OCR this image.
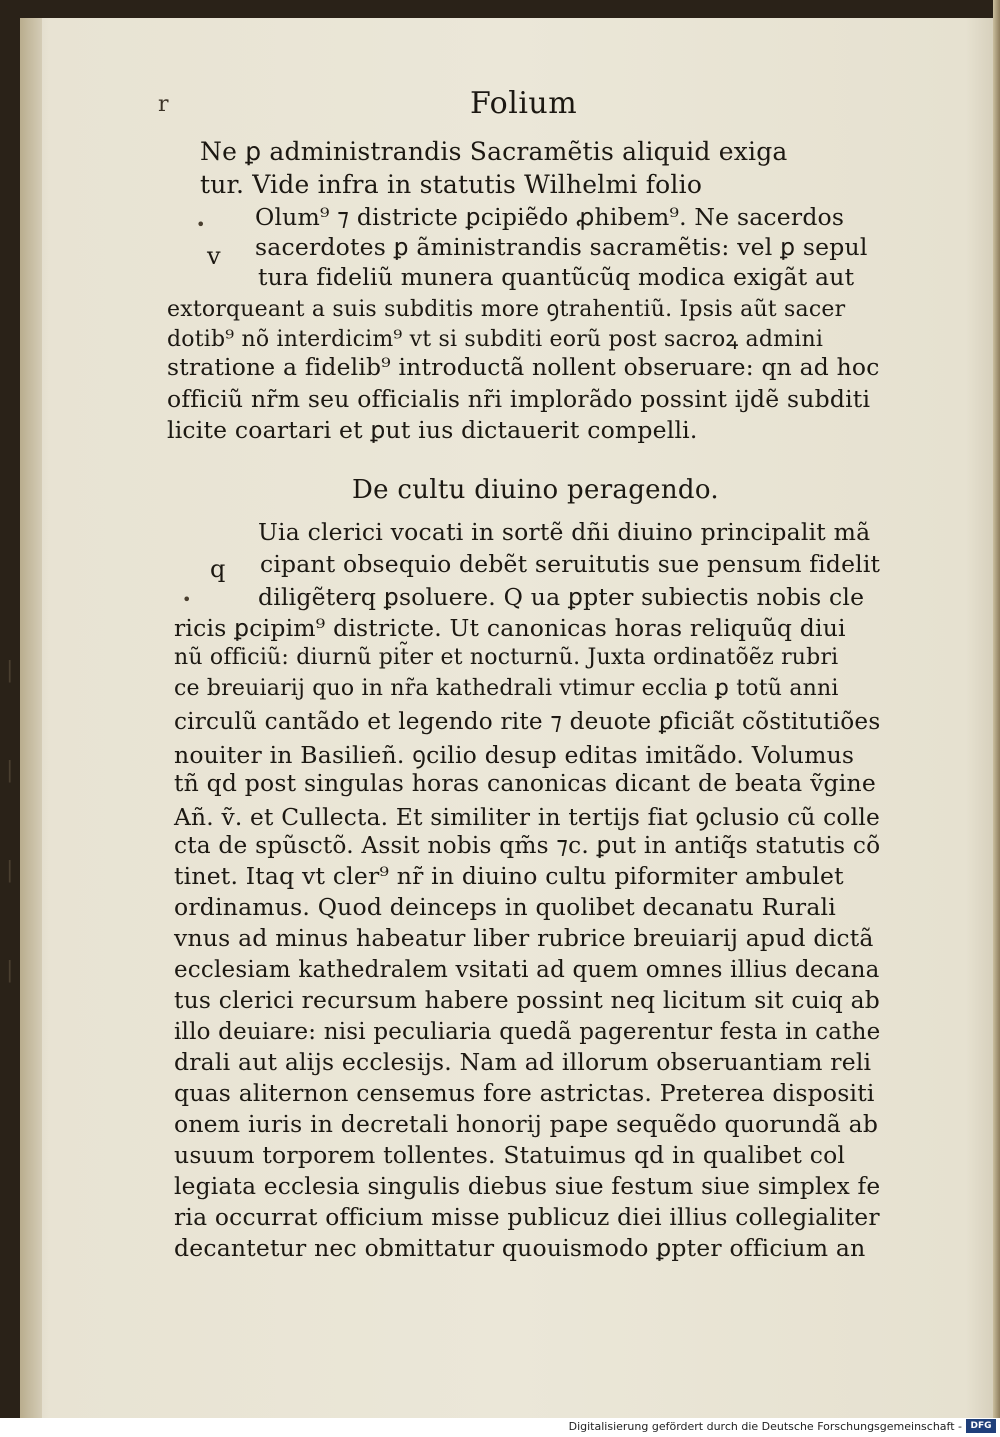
r	Folium
•
v
Ne ꝑ administrandis Sacramẽtis aliquid exiga
tur. Vide infra in statutis Wilhelmi folio
Olum⁹ ⁊ districte ꝑcipiẽdo ꝓhibem⁹. Ne sacerdos
sacerdotes ꝑ ãministrandis sacramẽtis: vel ꝑ sepul
tura fideliũ munera quantũcũq modica exigãt aut
extorqueant a suis subditis more ꝯtrahentiũ. Ipsis aũt sacer
dotib⁹ nõ interdicim⁹ vt si subditi eorũ post sacroꝝ admini
stratione a fidelib⁹ introductã nollent obseruare: qn ad hoc
officiũ nr̃m seu officialis nr̃i implorãdo possint ijdẽ subditi
licite coartari et ꝑut ius dictauerit compelli.
De cultu diuino peragendo.
q
•
Uia clerici vocati in sortẽ dñi diuino principalit mã
cipant obsequio debẽt seruitutis sue pensum fidelit
diligẽterq ꝑsoluere. Q ua ꝑpter subiectis nobis cle
ricis ꝑcipim⁹ districte. Ut canonicas horas reliquũq diui
nũ officiũ: diurnũ pit̃er et nocturnũ. Juxta ordinatõẽz rubri
ce breuiarij quo in nr̃a kathedrali vtimur ecclia ꝑ totũ anni
circulũ cantãdo et legendo rite ⁊ deuote ꝑficiãt cõstitutiões
nouiter in Basilieñ. ꝯcilio desup editas imitãdo. Volumus
tñ qd post singulas horas canonicas dicant de beata ṽgine
Añ. ṽ. et Cullecta. Et similiter in tertijs fiat ꝯclusio cũ colle
cta de spũsctõ. Assit nobis qm̃s ⁊c. ꝑut in antiq̃s statutis cõ
tinet. Itaq vt cler⁹ nr̃ in diuino cultu piformiter ambulet
ordinamus. Quod deinceps in quolibet decanatu Rurali
vnus ad minus habeatur liber rubrice breuiarij apud dictã
ecclesiam kathedralem vsitati ad quem omnes illius decana
tus clerici recursum habere possint neq licitum sit cuiq ab
illo deuiare: nisi peculiaria quedã pagerentur festa in cathe
drali aut alijs ecclesijs. Nam ad illorum obseruantiam reli
quas aliternon censemus fore astrictas. Preterea dispositi
onem iuris in decretali honorij pape sequẽdo quorundã ab
usuum torporem tollentes. Statuimus qd in qualibet col
legiata ecclesia singulis diebus siue festum siue simplex fe
ria occurrat officium misse publicuz diei illius collegialiter
decantetur nec obmittatur quouismodo ꝑpter officium an
|
|
|
|
Digitalisierung gefördert durch die Deutsche Forschungsgemeinschaft - DFG
